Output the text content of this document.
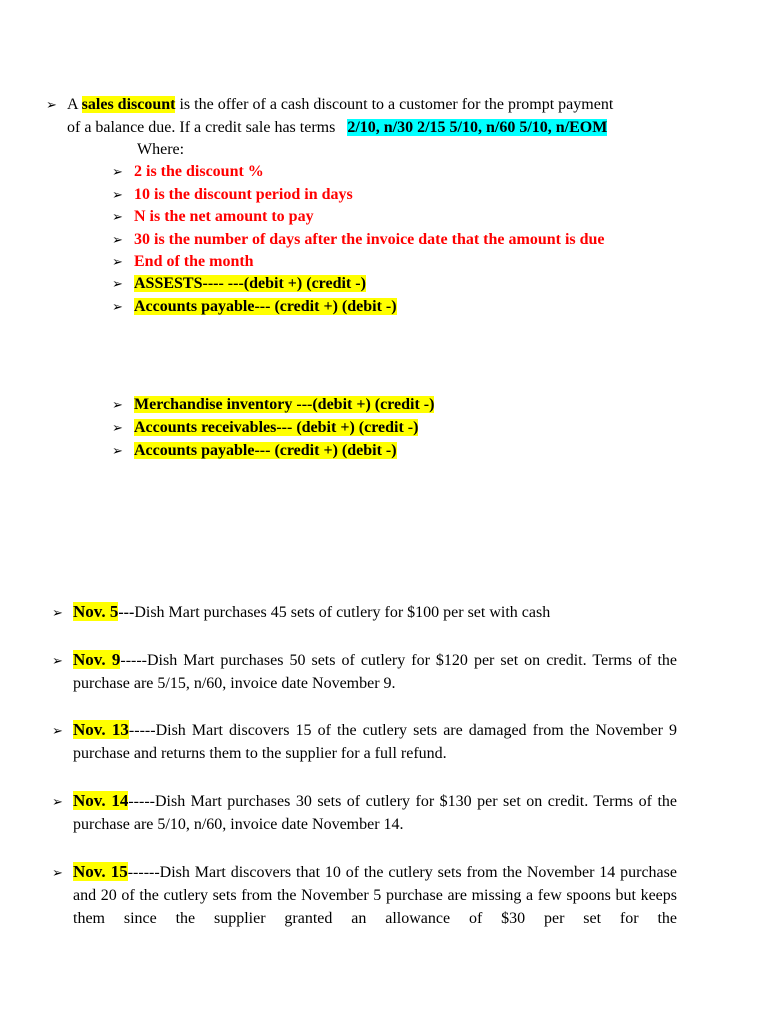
➢ A sales discount is the offer of a cash discount to a customer for the prompt payment
of a balance due. If a credit sale has terms 2/10, n/30 2/15 5/10, n/60 5/10, n/EOM
Where:
➢ 2 is the discount %
➢ 10 is the discount period in days
➢ N is the net amount to pay
➢ 30 is the number of days after the invoice date that the amount is due
➢ End of the month
➢ ASSESTS---- ---(debit +) (credit -)
➢ Accounts payable--- (credit +) (debit -)
➢ Merchandise inventory ---(debit +) (credit -)
➢ Accounts receivables--- (debit +) (credit -)
➢ Accounts payable--- (credit +) (debit -)
➢ Nov. 5---Dish Mart purchases 45 sets of cutlery for $100 per set with cash
➢ Nov. 9-----Dish Mart purchases 50 sets of cutlery for $120 per set on credit. Terms of the purchase are 5/15, n/60, invoice date November 9.
➢ Nov. 13-----Dish Mart discovers 15 of the cutlery sets are damaged from the November 9 purchase and returns them to the supplier for a full refund.
➢ Nov. 14-----Dish Mart purchases 30 sets of cutlery for $130 per set on credit. Terms of the purchase are 5/10, n/60, invoice date November 14.
➢ Nov. 15------Dish Mart discovers that 10 of the cutlery sets from the November 14 purchase and 20 of the cutlery sets from the November 5 purchase are missing a few spoons but keeps them since the supplier granted an allowance of $30 per set for the
